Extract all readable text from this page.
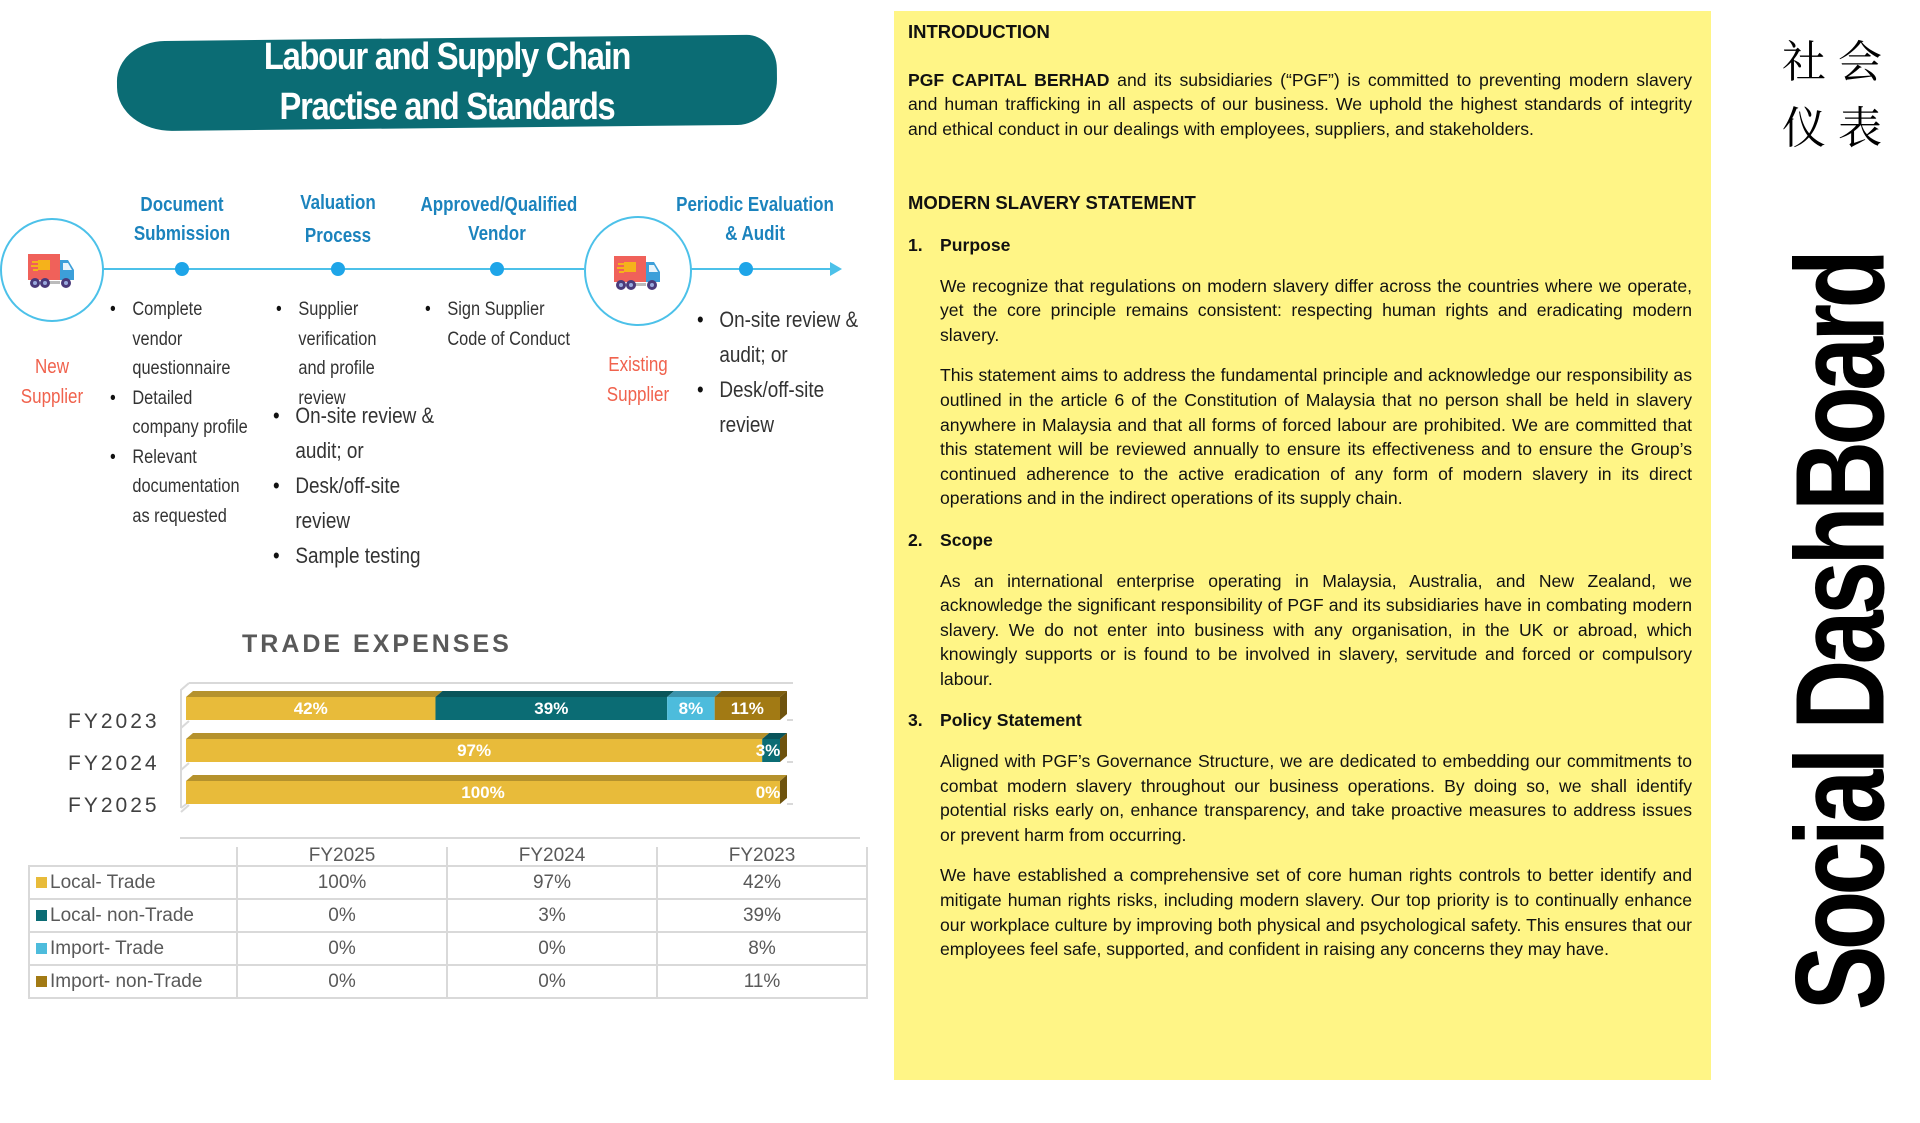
Labour and Supply Chain
Practise and Standards
New
Supplier
Existing
Supplier
Document
Submission
Valuation
Process
Approved/Qualified
Vendor
Periodic Evaluation
& Audit
• Complete vendor questionnaire
• Detailed company profile
• Relevant documentation as requested
• Supplier verification and profile review
• On-site review & audit; or
• Desk/off-site review
• Sample testing
• Sign Supplier Code of Conduct
• On-site review & audit; or
• Desk/off-site review
TRADE EXPENSES
FY2023
FY2024
FY2025
42%	39%	8% 11%
97%	3%
100%	0%
	FY2025	FY2024	FY2023
Local- Trade	100%	97%	42%
Local- non-Trade	0%	3%	39%
Import- Trade	0%	0%	8%
Import- non-Trade	0%	0%	11%
INTRODUCTION

PGF CAPITAL BERHAD and its subsidiaries (“PGF”) is committed to preventing modern slavery and human trafficking in all aspects of our business. We uphold the highest standards of integrity and ethical conduct in our dealings with employees, suppliers, and stakeholders.

MODERN SLAVERY STATEMENT
1. Purpose

We recognize that regulations on modern slavery differ across the countries where we operate, yet the core principle remains consistent: respecting human rights and eradicating modern slavery.

This statement aims to address the fundamental principle and acknowledge our responsibility as outlined in the article 6 of the Constitution of Malaysia that no person shall be held in slavery anywhere in Malaysia and that all forms of forced labour are prohibited. We are committed that this statement will be reviewed annually to ensure its effectiveness and to ensure the Group’s continued adherence to the active eradication of any form of modern slavery in its direct operations and in the indirect operations of its supply chain.

2. Scope

As an international enterprise operating in Malaysia, Australia, and New Zealand, we acknowledge the significant responsibility of PGF and its subsidiaries have in combating modern slavery. We do not enter into business with any organisation, in the UK or abroad, which knowingly supports or is found to be involved in slavery, servitude and forced or compulsory labour.

3. Policy Statement

Aligned with PGF’s Governance Structure, we are dedicated to embedding our commitments to combat modern slavery throughout our business operations. By doing so, we shall identify potential risks early on, enhance transparency, and take proactive measures to address issues or prevent harm from occurring.

We have established a comprehensive set of core human rights controls to better identify and mitigate human rights risks, including modern slavery. Our top priority is to continually enhance our workplace culture by improving both physical and psychological safety. This ensures that our employees feel safe, supported, and confident in raising any concerns they may have.

社会
仪表
Social DashBoard
